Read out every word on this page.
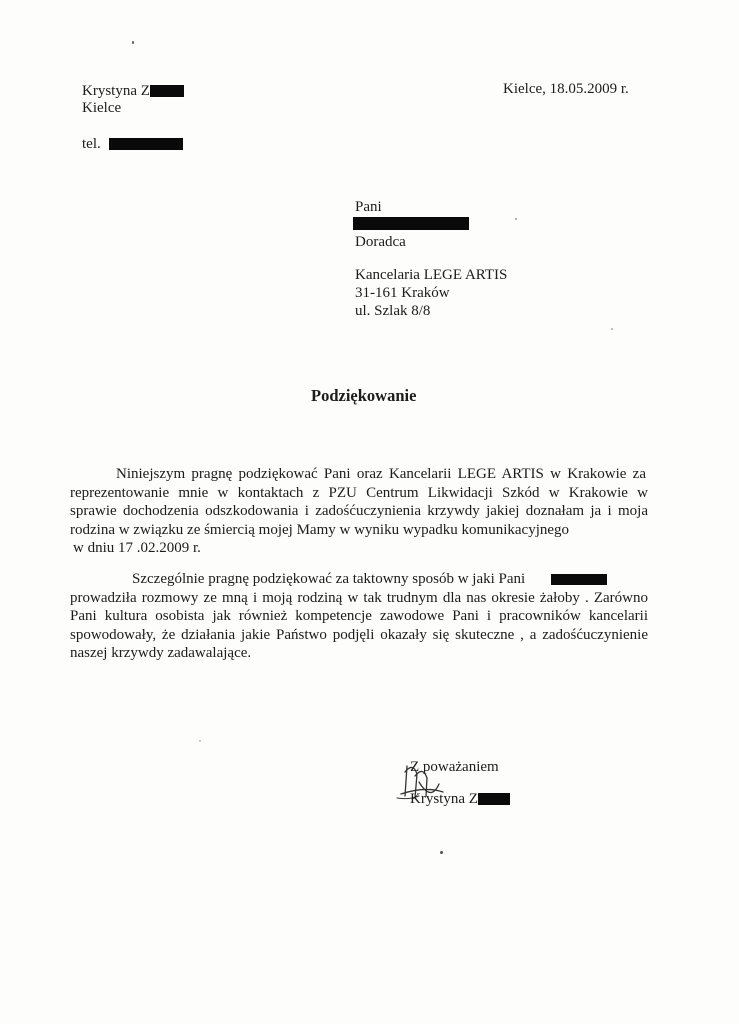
Krystyna Z
Kielce
tel.
Kielce, 18.05.2009 r.
Pani
Doradca
Kancelaria LEGE ARTIS
31-161 Kraków
ul. Szlak 8/8
Podziękowanie
Niniejszym pragnę podziękować Pani oraz Kancelarii LEGE ARTIS w Krakowie za
reprezentowanie mnie w kontaktach z PZU Centrum Likwidacji Szkód w Krakowie w
sprawie dochodzenia odszkodowania i zadośćuczynienia krzywdy jakiej doznałam ja i moja
rodzina w związku ze śmiercią mojej Mamy w wyniku wypadku komunikacyjnego
w dniu 17 .02.2009 r.
Szczególnie pragnę podziękować za taktowny sposób w jaki Pani
prowadziła rozmowy ze mną i moją rodziną w tak trudnym dla nas okresie żałoby . Zarówno
Pani kultura osobista jak również kompetencje zawodowe Pani i pracowników kancelarii
spowodowały, że działania jakie Państwo podjęli okazały się skuteczne , a zadośćuczynienie
naszej krzywdy zadawalające.
Z poważaniem
Krystyna Z
